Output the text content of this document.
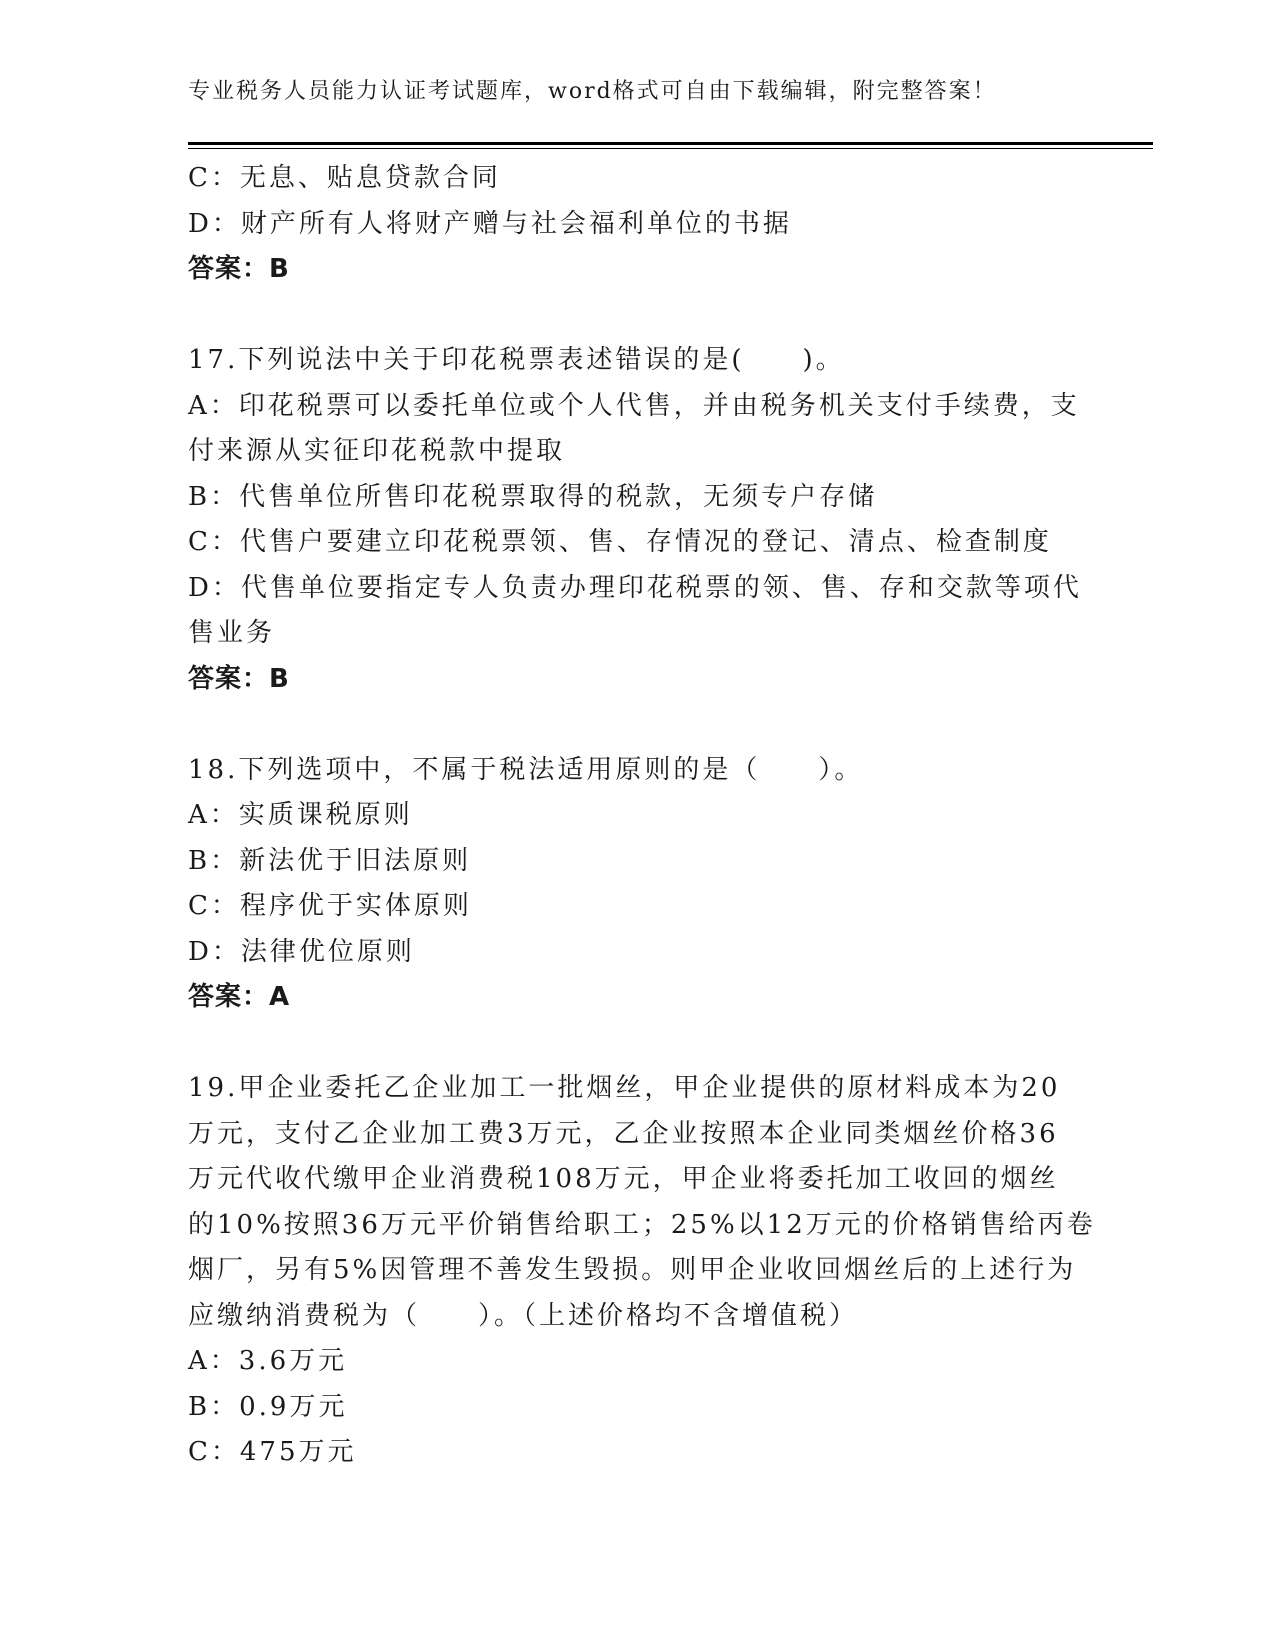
专业税务人员能力认证考试题库，word格式可自由下载编辑，附完整答案！
C：无息、贴息贷款合同
D：财产所有人将财产赠与社会福利单位的书据
答案：B
17.下列说法中关于印花税票表述错误的是(　　)。
A：印花税票可以委托单位或个人代售，并由税务机关支付手续费，支
付来源从实征印花税款中提取
B：代售单位所售印花税票取得的税款，无须专户存储
C：代售户要建立印花税票领、售、存情况的登记、清点、检查制度
D：代售单位要指定专人负责办理印花税票的领、售、存和交款等项代
售业务
答案：B
18.下列选项中，不属于税法适用原则的是（　　）。
A：实质课税原则
B：新法优于旧法原则
C：程序优于实体原则
D：法律优位原则
答案：A
19.甲企业委托乙企业加工一批烟丝，甲企业提供的原材料成本为20
万元，支付乙企业加工费3万元，乙企业按照本企业同类烟丝价格36
万元代收代缴甲企业消费税108万元，甲企业将委托加工收回的烟丝
的10%按照36万元平价销售给职工；25%以12万元的价格销售给丙卷
烟厂，另有5%因管理不善发生毁损。则甲企业收回烟丝后的上述行为
应缴纳消费税为（　　）。（上述价格均不含增值税）
A：3.6万元
B：0.9万元
C：475万元
